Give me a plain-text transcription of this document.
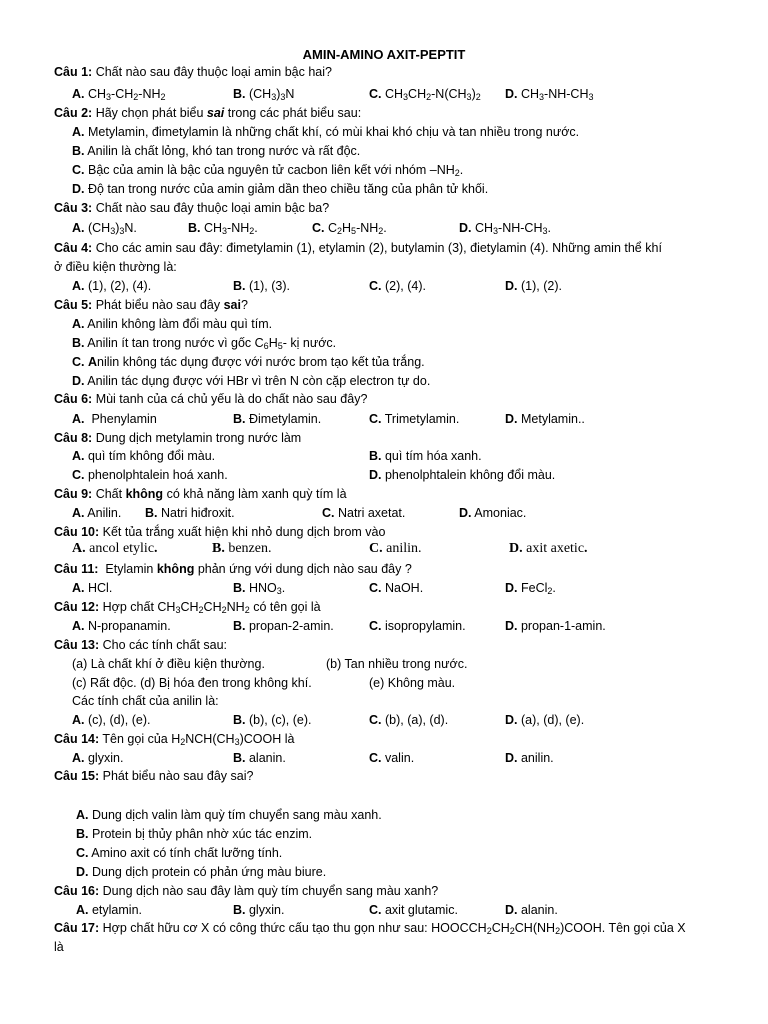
AMIN-AMINO AXIT-PEPTIT
Câu 1: Chất nào sau đây thuộc loại amin bậc hai?
A. $CH_3-CH_2-NH_2$	B. $(CH_3)_3N$	C. $CH_3CH_2-N(CH_3)_2$ D. $CH_3-NH-CH_3$
Câu 2: Hãy chọn phát biểu sai trong các phát biểu sau:
A. Metylamin, đimetylamin là những chất khí, có mùi khai khó chịu và tan nhiều trong nước.
B. Anilin là chất lỏng, khó tan trong nước và rất độc.
C. Bậc của amin là bậc của nguyên tử cacbon liên kết với nhóm $-NH_2$.
D. Độ tan trong nước của amin giảm dần theo chiều tăng của phân tử khối.
Câu 3: Chất nào sau đây thuộc loại amin bậc ba?
A. $(CH_3)_3N$.	B. $CH_3-NH_2$.	C. $C_2H_5-NH_2$.	D. $CH_3-NH-CH_3$.
Câu 4: Cho các amin sau đây: đimetylamin (1), etylamin (2), butylamin (3), đietylamin (4). Những amin thể khí
ở điều kiện thường là:
A. (1), (2), (4).	B. (1), (3).	C. (2), (4).	D. (1), (2).
Câu 5: Phát biểu nào sau đây sai?
A. Anilin không làm đổi màu quì tím.
B. Anilin ít tan trong nước vì gốc $C_6H_5-$ kị nước.
C. Anilin không tác dụng được với nước brom tạo kết tủa trắng.
D. Anilin tác dụng được với HBr vì trên N còn cặp electron tự do.
Câu 6: Mùi tanh của cá chủ yếu là do chất nào sau đây?
A. Phenylamin	B. Đimetylamin.	C. Trimetylamin.	D. Metylamin..
Câu 8: Dung dịch metylamin trong nước làm
A. quì tím không đổi màu.	B. quì tím hóa xanh.
C. phenolphtalein hoá xanh.	D. phenolphtalein không đổi màu.
Câu 9: Chất không có khả năng làm xanh quỳ tím là
A. Anilin. B. Natri hiđroxit.	C. Natri axetat.	D. Amoniac.
Câu 10: Kết tủa trắng xuất hiện khi nhỏ dung dịch brom vào
A. ancol etylic.	B. benzen.	C. anilin.	D. axit axetic.
Câu 11: Etylamin không phản ứng với dung dịch nào sau đây ?
A. HCl.	B. $HNO_3$.	C. NaOH.	D. FeCl$_2$.
Câu 12: Hợp chất $CH_3CH_2CH_2NH_2$ có tên gọi là
A. N-propanamin.	B. propan-2-amin.	C. isopropylamin.	D. propan-1-amin.
Câu 13: Cho các tính chất sau:
(a) Là chất khí ở điều kiện thường.	(b) Tan nhiều trong nước.
(c) Rất độc. (d) Bị hóa đen trong không khí.	(e) Không màu.
Các tính chất của anilin là:
A. (c), (d), (e).	B. (b), (c), (e).	C. (b), (a), (d).	D. (a), (d), (e).
Câu 14: Tên gọi của $H_2NCH(CH_3)COOH$ là
A. glyxin.	B. alanin.	C. valin.	D. anilin.
Câu 15: Phát biểu nào sau đây sai?
A. Dung dịch valin làm quỳ tím chuyển sang màu xanh.
B. Protein bị thủy phân nhờ xúc tác enzim.
C. Amino axit có tính chất lưỡng tính.
D. Dung dịch protein có phản ứng màu biure.
Câu 16: Dung dịch nào sau đây làm quỳ tím chuyển sang màu xanh?
A. etylamin.	B. glyxin.	C. axit glutamic.	D. alanin.
Câu 17: Hợp chất hữu cơ X có công thức cấu tạo thu gọn như sau: $HOOCCH_2CH_2CH(NH_2)COOH$. Tên gọi của X
là
